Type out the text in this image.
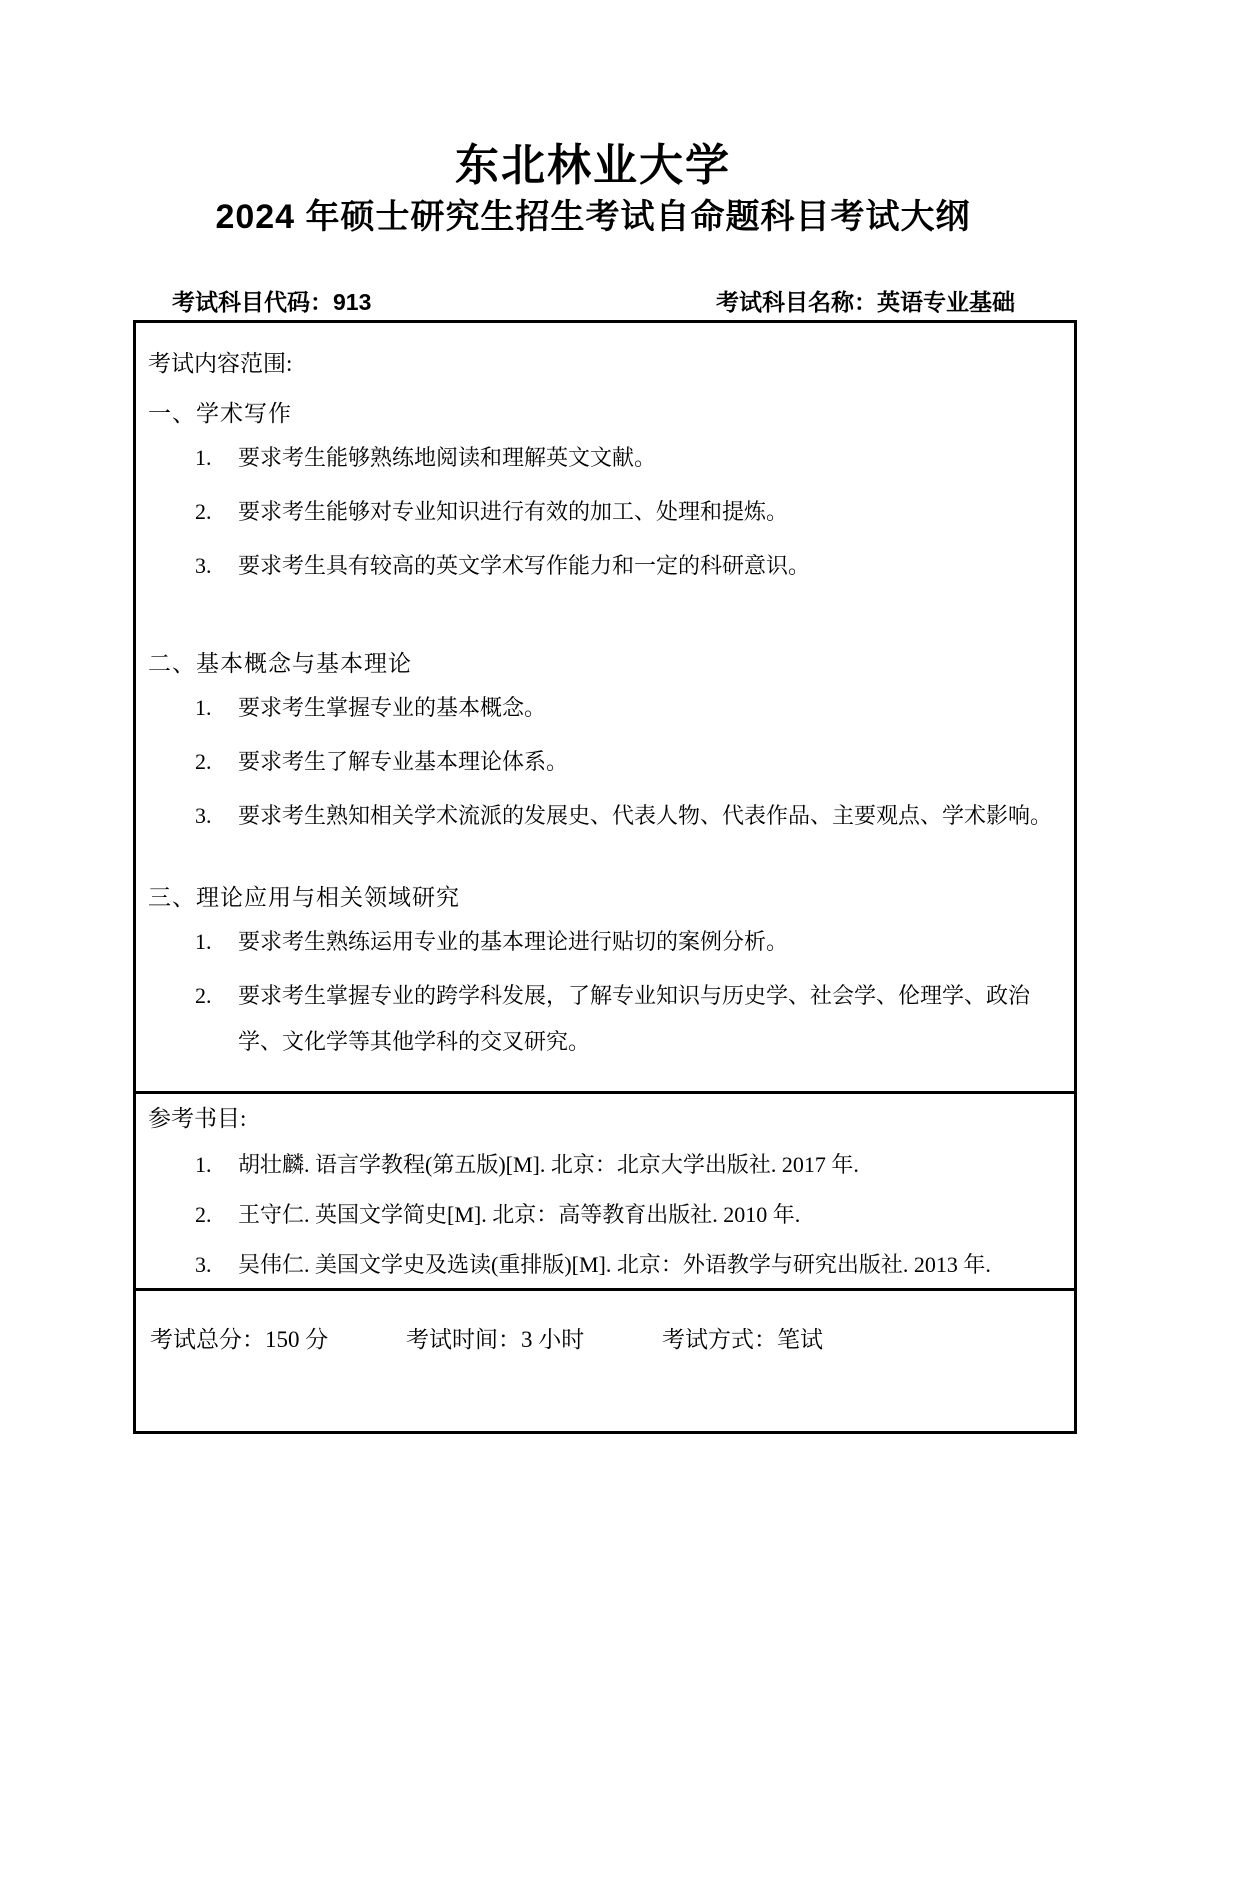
东北林业大学
2024 年硕士研究生招生考试自命题科目考试大纲
考试科目代码：913	考试科目名称：英语专业基础
考试内容范围:
一、学术写作
1.	要求考生能够熟练地阅读和理解英文文献。
2.	要求考生能够对专业知识进行有效的加工、处理和提炼。
3.	要求考生具有较高的英文学术写作能力和一定的科研意识。
二、基本概念与基本理论
1.	要求考生掌握专业的基本概念。
2.	要求考生了解专业基本理论体系。
3.	要求考生熟知相关学术流派的发展史、代表人物、代表作品、主要观点、学术影响。
三、理论应用与相关领域研究
1.	要求考生熟练运用专业的基本理论进行贴切的案例分析。
2.	要求考生掌握专业的跨学科发展，了解专业知识与历史学、社会学、伦理学、政治学、文化学等其他学科的交叉研究。
参考书目:
1.	胡壮麟. 语言学教程(第五版)[M]. 北京：北京大学出版社. 2017 年.
2.	王守仁. 英国文学简史[M]. 北京：高等教育出版社. 2010 年.
3.	吴伟仁. 美国文学史及选读(重排版)[M]. 北京：外语教学与研究出版社. 2013 年.
考试总分：150 分	考试时间：3 小时	考试方式：笔试
